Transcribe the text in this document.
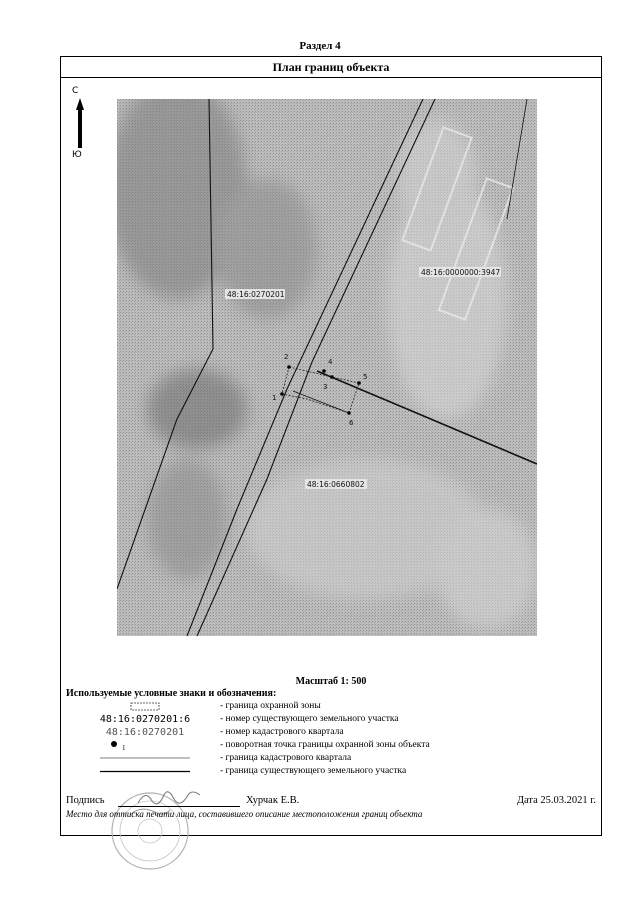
Раздел 4
План границ объекта
С
Ю
2
1
4
5
6
3
48:16:0270201
48:16:0000000:3947
48:16:0660802
Масштаб 1: 500
Используемые условные знаки и обозначения:
- граница охранной зоны
48:16:0270201:6	- номер существующего земельного участка
48:16:0270201	- номер кадастрового квартала
1	- поворотная точка границы охранной зоны объекта
- граница кадастрового квартала
- граница существующего земельного участка
Подпись	Хурчак Е.В.	Дата 25.03.2021 г.
Место для оттиска печати лица, составившего описание местоположения границ объекта
